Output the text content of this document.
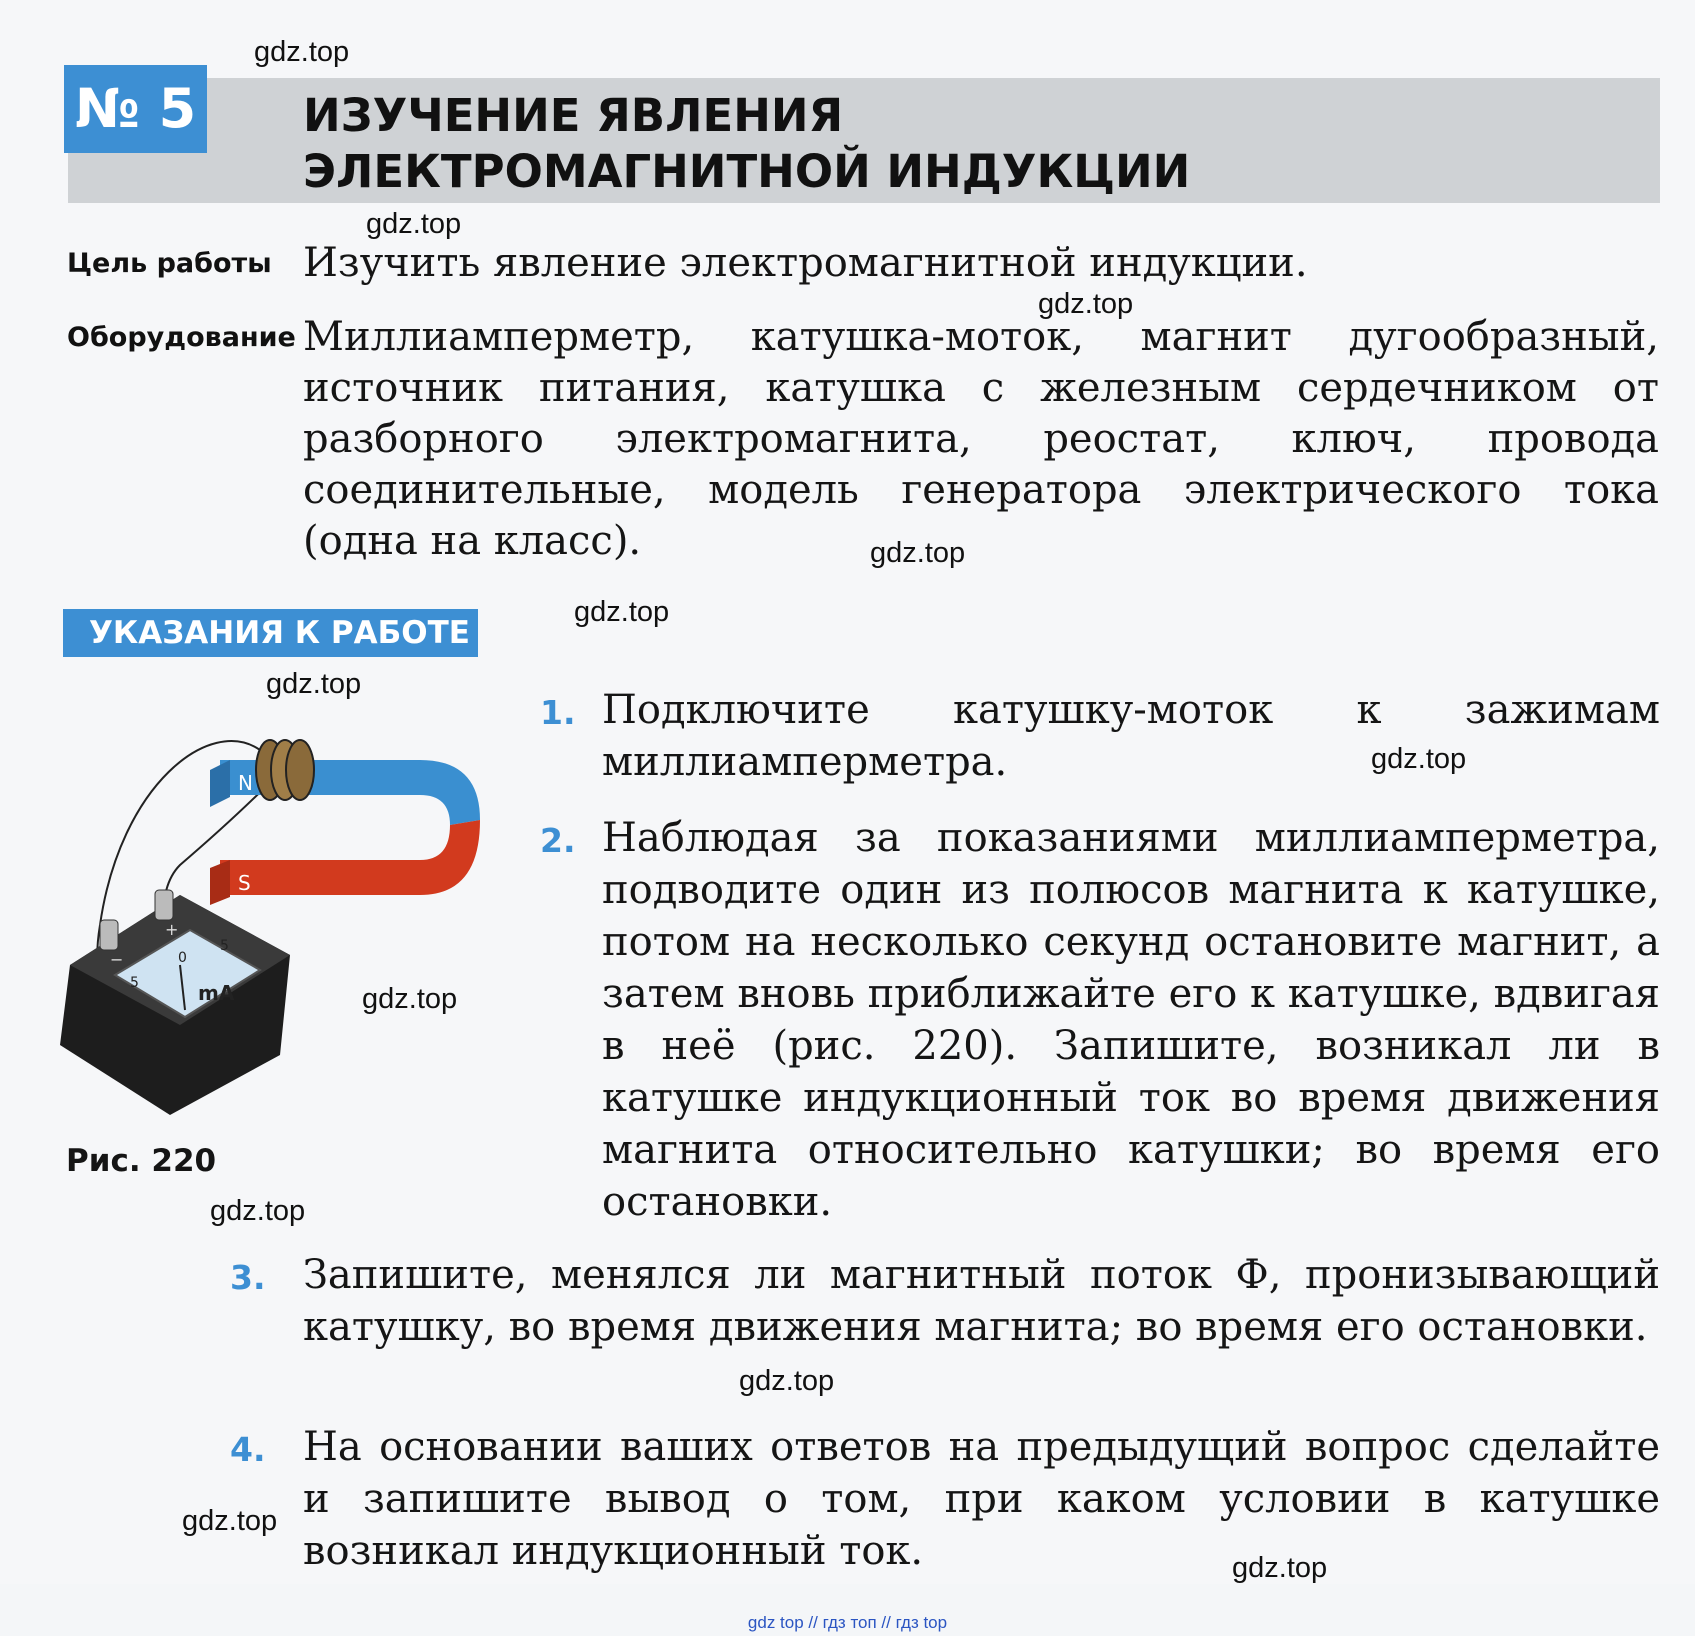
№ 5 ИЗУЧЕНИЕ ЯВЛЕНИЯ
ЭЛЕКТРОМАГНИТНОЙ ИНДУКЦИИ
Цель работы Изучить явление электромагнитной индукции.
Оборудование Миллиамперметр, катушка-моток, магнит дугообразный, источник питания, катушка с железным сердечником от разборного электромагнита, реостат, ключ, провода соединительные, модель генератора электрического тока (одна на класс).
УКАЗАНИЯ К РАБОТЕ
N
S
−
+
5
0
5
mA
Рис. 220
1. Подключите катушку-моток к зажимам миллиамперметра.
2. Наблюдая за показаниями миллиамперметра, подводите один из полюсов магнита к катушке, потом на несколько секунд остановите магнит, а затем вновь приближайте его к катушке, вдвигая в неё (рис. 220). Запишите, возникал ли в катушке индукционный ток во время движения магнита относительно катушки; во время его остановки.
3. Запишите, менялся ли магнитный поток Ф, пронизывающий катушку, во время движения магнита; во время его остановки.
4. На основании ваших ответов на предыдущий вопрос сделайте и запишите вывод о том, при каком условии в катушке возникал индукционный ток.
gdz.top
gdz.top
gdz.top
gdz.top
gdz.top
gdz.top
gdz.top
gdz.top
gdz.top
gdz.top
gdz.top
gdz.top
gdz top // гдз топ // гдз top
